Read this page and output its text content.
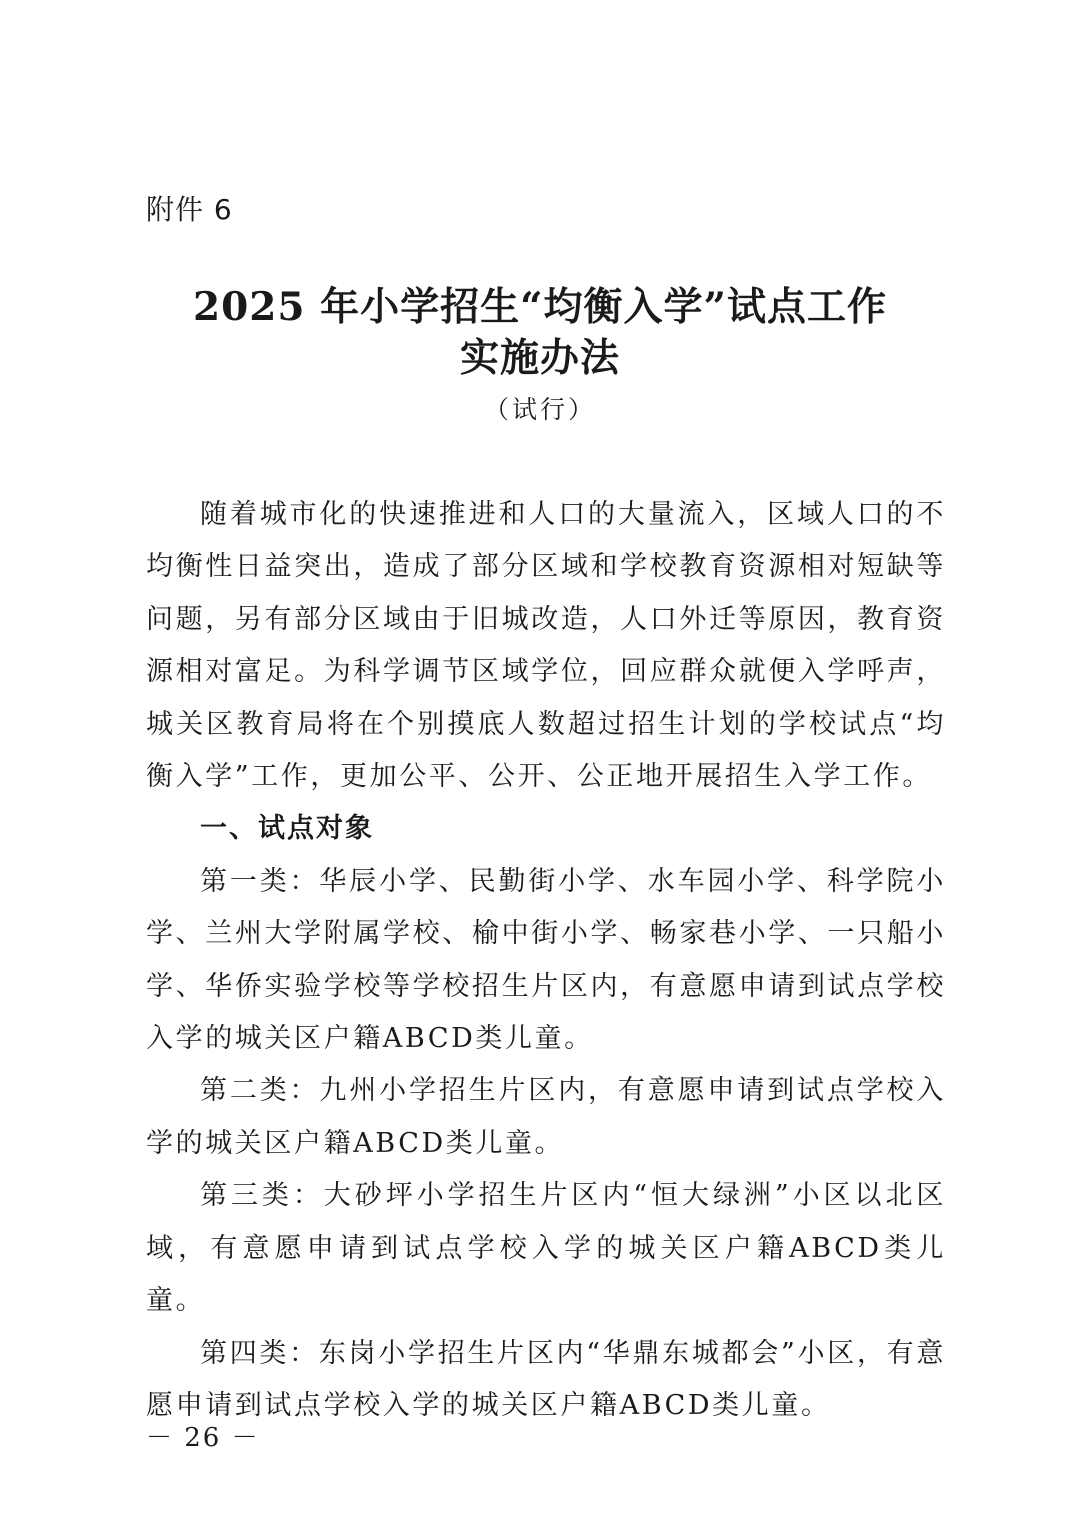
附件 6
2025 年小学招生“均衡入学”试点工作
实施办法
（试行）

随着城市化的快速推进和人口的大量流入，区域人口的不均衡性日益突出，造成了部分区域和学校教育资源相对短缺等问题，另有部分区域由于旧城改造，人口外迁等原因，教育资源相对富足。为科学调节区域学位，回应群众就便入学呼声，城关区教育局将在个别摸底人数超过招生计划的学校试点“均衡入学”工作，更加公平、公开、公正地开展招生入学工作。

一、试点对象

第一类：华辰小学、民勤街小学、水车园小学、科学院小学、兰州大学附属学校、榆中街小学、畅家巷小学、一只船小学、华侨实验学校等学校招生片区内，有意愿申请到试点学校入学的城关区户籍ABCD类儿童。

第二类：九州小学招生片区内，有意愿申请到试点学校入学的城关区户籍ABCD类儿童。

第三类：大砂坪小学招生片区内“恒大绿洲”小区以北区域，有意愿申请到试点学校入学的城关区户籍ABCD类儿童。

第四类：东岗小学招生片区内“华鼎东城都会”小区，有意愿申请到试点学校入学的城关区户籍ABCD类儿童。

－ 26 －
